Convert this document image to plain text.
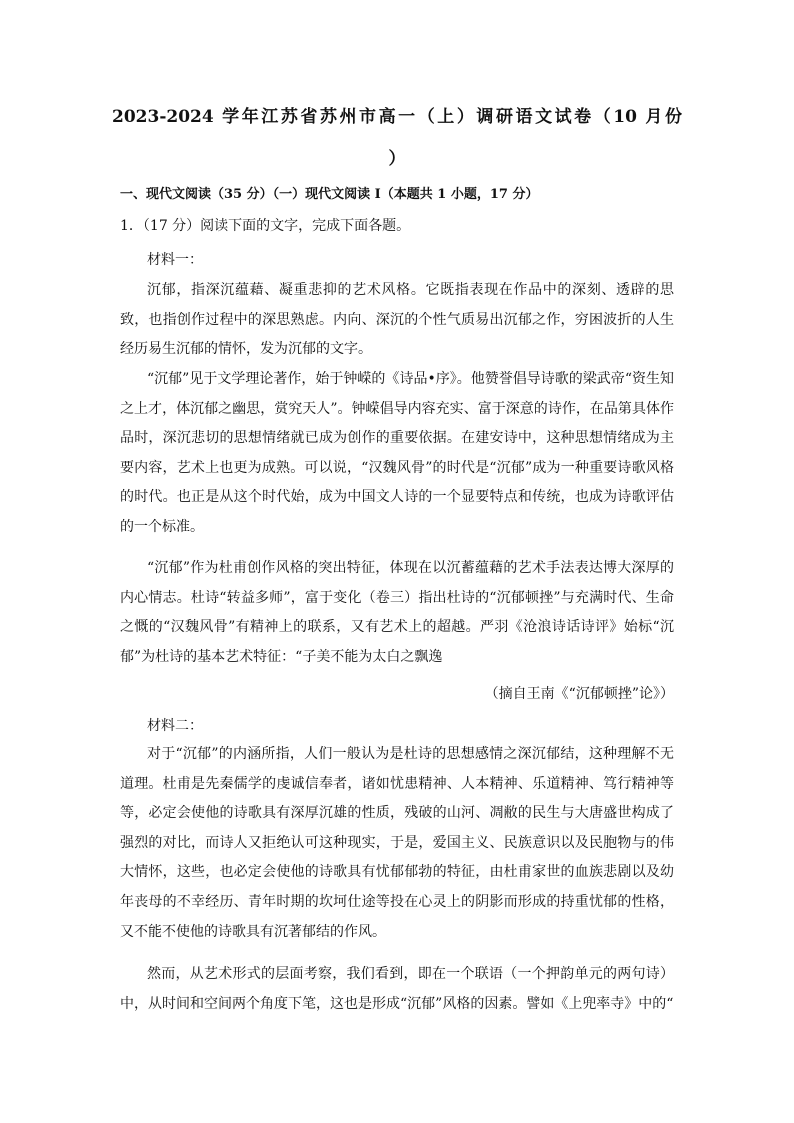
2023-2024 学年江苏省苏州市高一（上）调研语文试卷（10 月份
）
一、现代文阅读（35 分）（一）现代文阅读 I（本题共 1 小题，17 分）
1．（17 分）阅读下面的文字，完成下面各题。
材料一：
沉郁，指深沉蕴藉、凝重悲抑的艺术风格。它既指表现在作品中的深刻、透辟的思致，也指创作过程中的深思熟虑。内向、深沉的个性气质易出沉郁之作，穷困波折的人生经历易生沉郁的情怀，发为沉郁的文字。
“沉郁”见于文学理论著作，始于钟嵘的《诗品•序》。他赞誉倡导诗歌的梁武帝“资生知之上才，体沉郁之幽思，赏究天人”。钟嵘倡导内容充实、富于深意的诗作，在品第具体作品时，深沉悲切的思想情绪就已成为创作的重要依据。在建安诗中，这种思想情绪成为主要内容，艺术上也更为成熟。可以说，“汉魏风骨”的时代是“沉郁”成为一种重要诗歌风格的时代。也正是从这个时代始，成为中国文人诗的一个显要特点和传统，也成为诗歌评估的一个标准。
“沉郁”作为杜甫创作风格的突出特征，体现在以沉蓄蕴藉的艺术手法表达博大深厚的内心情志。杜诗“转益多师”，富于变化（卷三）指出杜诗的“沉郁顿挫”与充满时代、生命之慨的“汉魏风骨”有精神上的联系，又有艺术上的超越。严羽《沧浪诗话诗评》始标“沉郁”为杜诗的基本艺术特征：“子美不能为太白之飘逸
（摘自王南《“沉郁顿挫”论》）
材料二：
对于“沉郁”的内涵所指，人们一般认为是杜诗的思想感情之深沉郁结，这种理解不无道理。杜甫是先秦儒学的虔诚信奉者，诸如忧患精神、人本精神、乐道精神、笃行精神等等，必定会使他的诗歌具有深厚沉雄的性质，残破的山河、凋敝的民生与大唐盛世构成了强烈的对比，而诗人又拒绝认可这种现实，于是，爱国主义、民族意识以及民胞物与的伟大情怀，这些，也必定会使他的诗歌具有忧郁郁勃的特征，由杜甫家世的血族悲剧以及幼年丧母的不幸经历、青年时期的坎坷仕途等投在心灵上的阴影而形成的持重忧郁的性格，又不能不使他的诗歌具有沉著郁结的作风。
然而，从艺术形式的层面考察，我们看到，即在一个联语（一个押韵单元的两句诗）中，从时间和空间两个角度下笔，这也是形成“沉郁”风格的因素。譬如《上兜率寺》中的“
